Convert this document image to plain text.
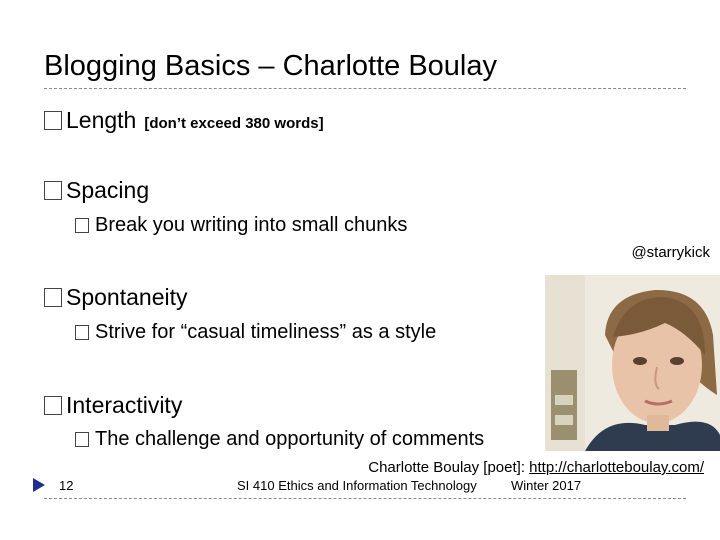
Blogging Basics – Charlotte Boulay
Length [don’t exceed 380 words]
Spacing
Break you writing into small chunks
@starrykick
Spontaneity
Strive for “casual timeliness” as a style
Interactivity
The challenge and opportunity of comments
Charlotte Boulay [poet]: http://charlotteboulay.com/
12	SI 410 Ethics and Information Technology	Winter 2017
